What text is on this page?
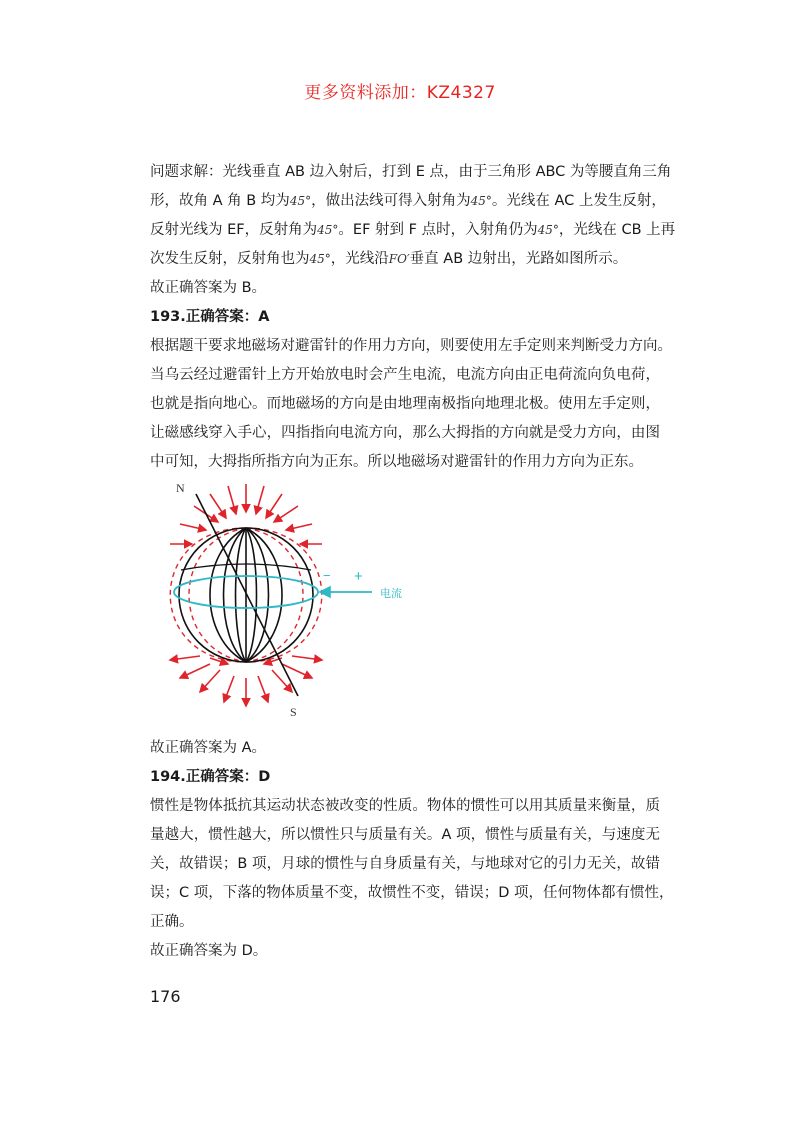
更多资料添加：KZ4327
问题求解：光线垂直 AB 边入射后，打到 E 点，由于三角形 ABC 为等腰直角三角
形，故角 A 角 B 均为45°，做出法线可得入射角为45°。光线在 AC 上发生反射，
反射光线为 EF，反射角为45°。EF 射到 F 点时，入射角仍为45°，光线在 CB 上再
次发生反射，反射角也为45°，光线沿FO′垂直 AB 边射出，光路如图所示。
故正确答案为 B。
193.正确答案：A
根据题干要求地磁场对避雷针的作用力方向，则要使用左手定则来判断受力方向。
当乌云经过避雷针上方开始放电时会产生电流，电流方向由正电荷流向负电荷，
也就是指向地心。而地磁场的方向是由地理南极指向地理北极。使用左手定则，
让磁感线穿入手心，四指指向电流方向，那么大拇指的方向就是受力方向，由图
中可知，大拇指所指方向为正东。所以地磁场对避雷针的作用力方向为正东。
N
S
− +
电流
故正确答案为 A。
194.正确答案：D
惯性是物体抵抗其运动状态被改变的性质。物体的惯性可以用其质量来衡量，质
量越大，惯性越大，所以惯性只与质量有关。A 项，惯性与质量有关，与速度无
关，故错误；B 项，月球的惯性与自身质量有关，与地球对它的引力无关，故错
误；C 项，下落的物体质量不变，故惯性不变，错误；D 项，任何物体都有惯性，
正确。
故正确答案为 D。
176
